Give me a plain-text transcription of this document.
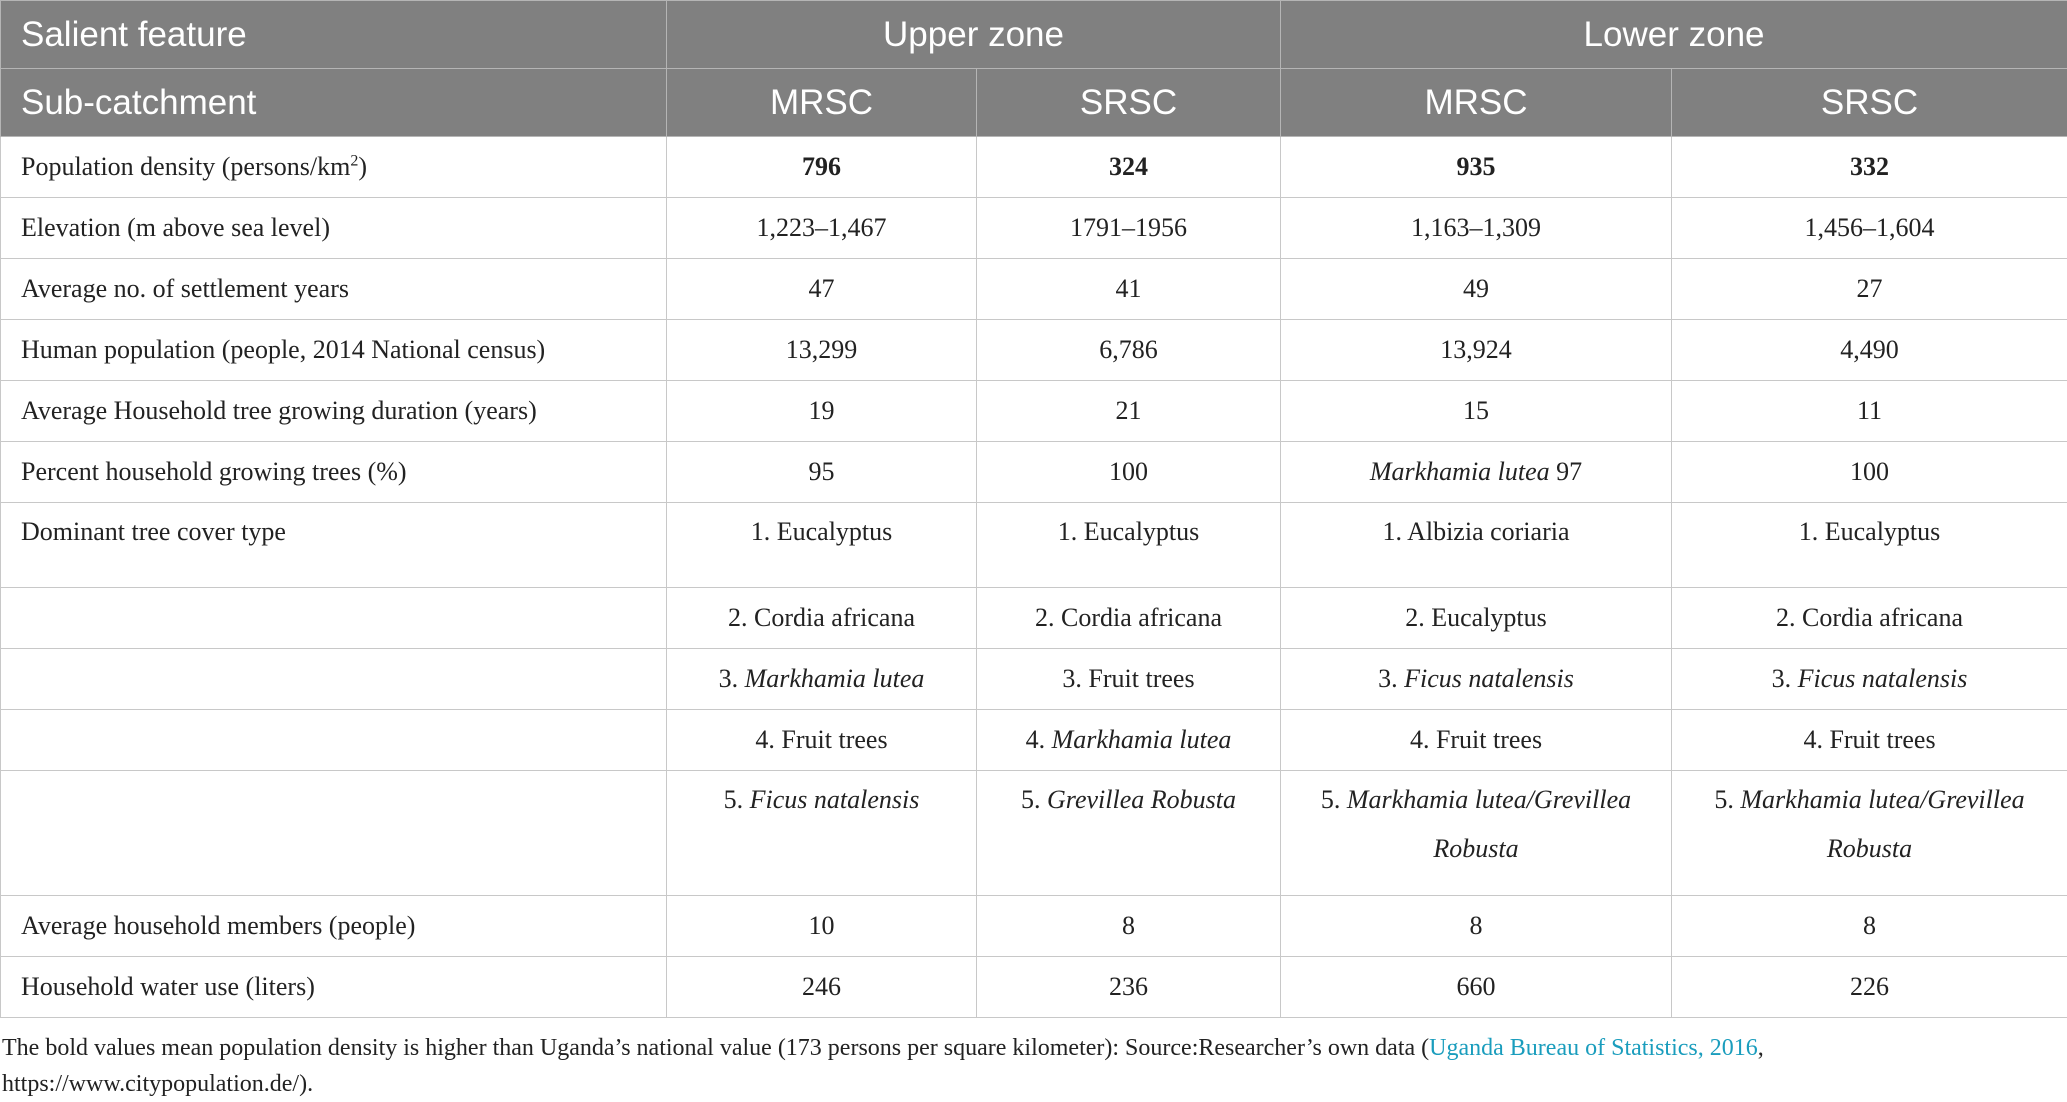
Salient feature	Upper zone		Lower zone	
Sub-catchment	MRSC	SRSC	MRSC	SRSC
Population density $(persons/km^2)$	796	324	935	332
Elevation (m above sea level)	1,223–1,467	1791–1956	1,163–1,309	1,456–1,604
Average no. of settlement years	47	41	49	27
Human population (people, 2014 National census)	13,299	6,786	13,924	4,490
Average Household tree growing duration (years)	19	21	15	11
Percent household growing trees (%)	95	100	Markhamia lutea 97	100
Dominant tree cover type	1. Eucalyptus	1. Eucalyptus	1. Albizia coriaria	1. Eucalyptus
	2. Cordia africana	2. Cordia africana	2. Eucalyptus	2. Cordia africana
	3. Markhamia lutea	3. Fruit trees	3. Ficus natalensis	3. Ficus natalensis
	4. Fruit trees	4. Markhamia lutea	4. Fruit trees	4. Fruit trees
	5. Ficus natalensis	5. Grevillea Robusta	5. Markhamia lutea/Grevillea Robusta	5. Markhamia lutea/Grevillea Robusta
Average household members (people)	10	8	8	8
Household water use (liters)	246	236	660	226
The bold values mean population density is higher than Uganda’s national value (173 persons per square kilometer): Source:Researcher’s own data (Uganda Bureau of Statistics, 2016, https://www.citypopulation.de/).
